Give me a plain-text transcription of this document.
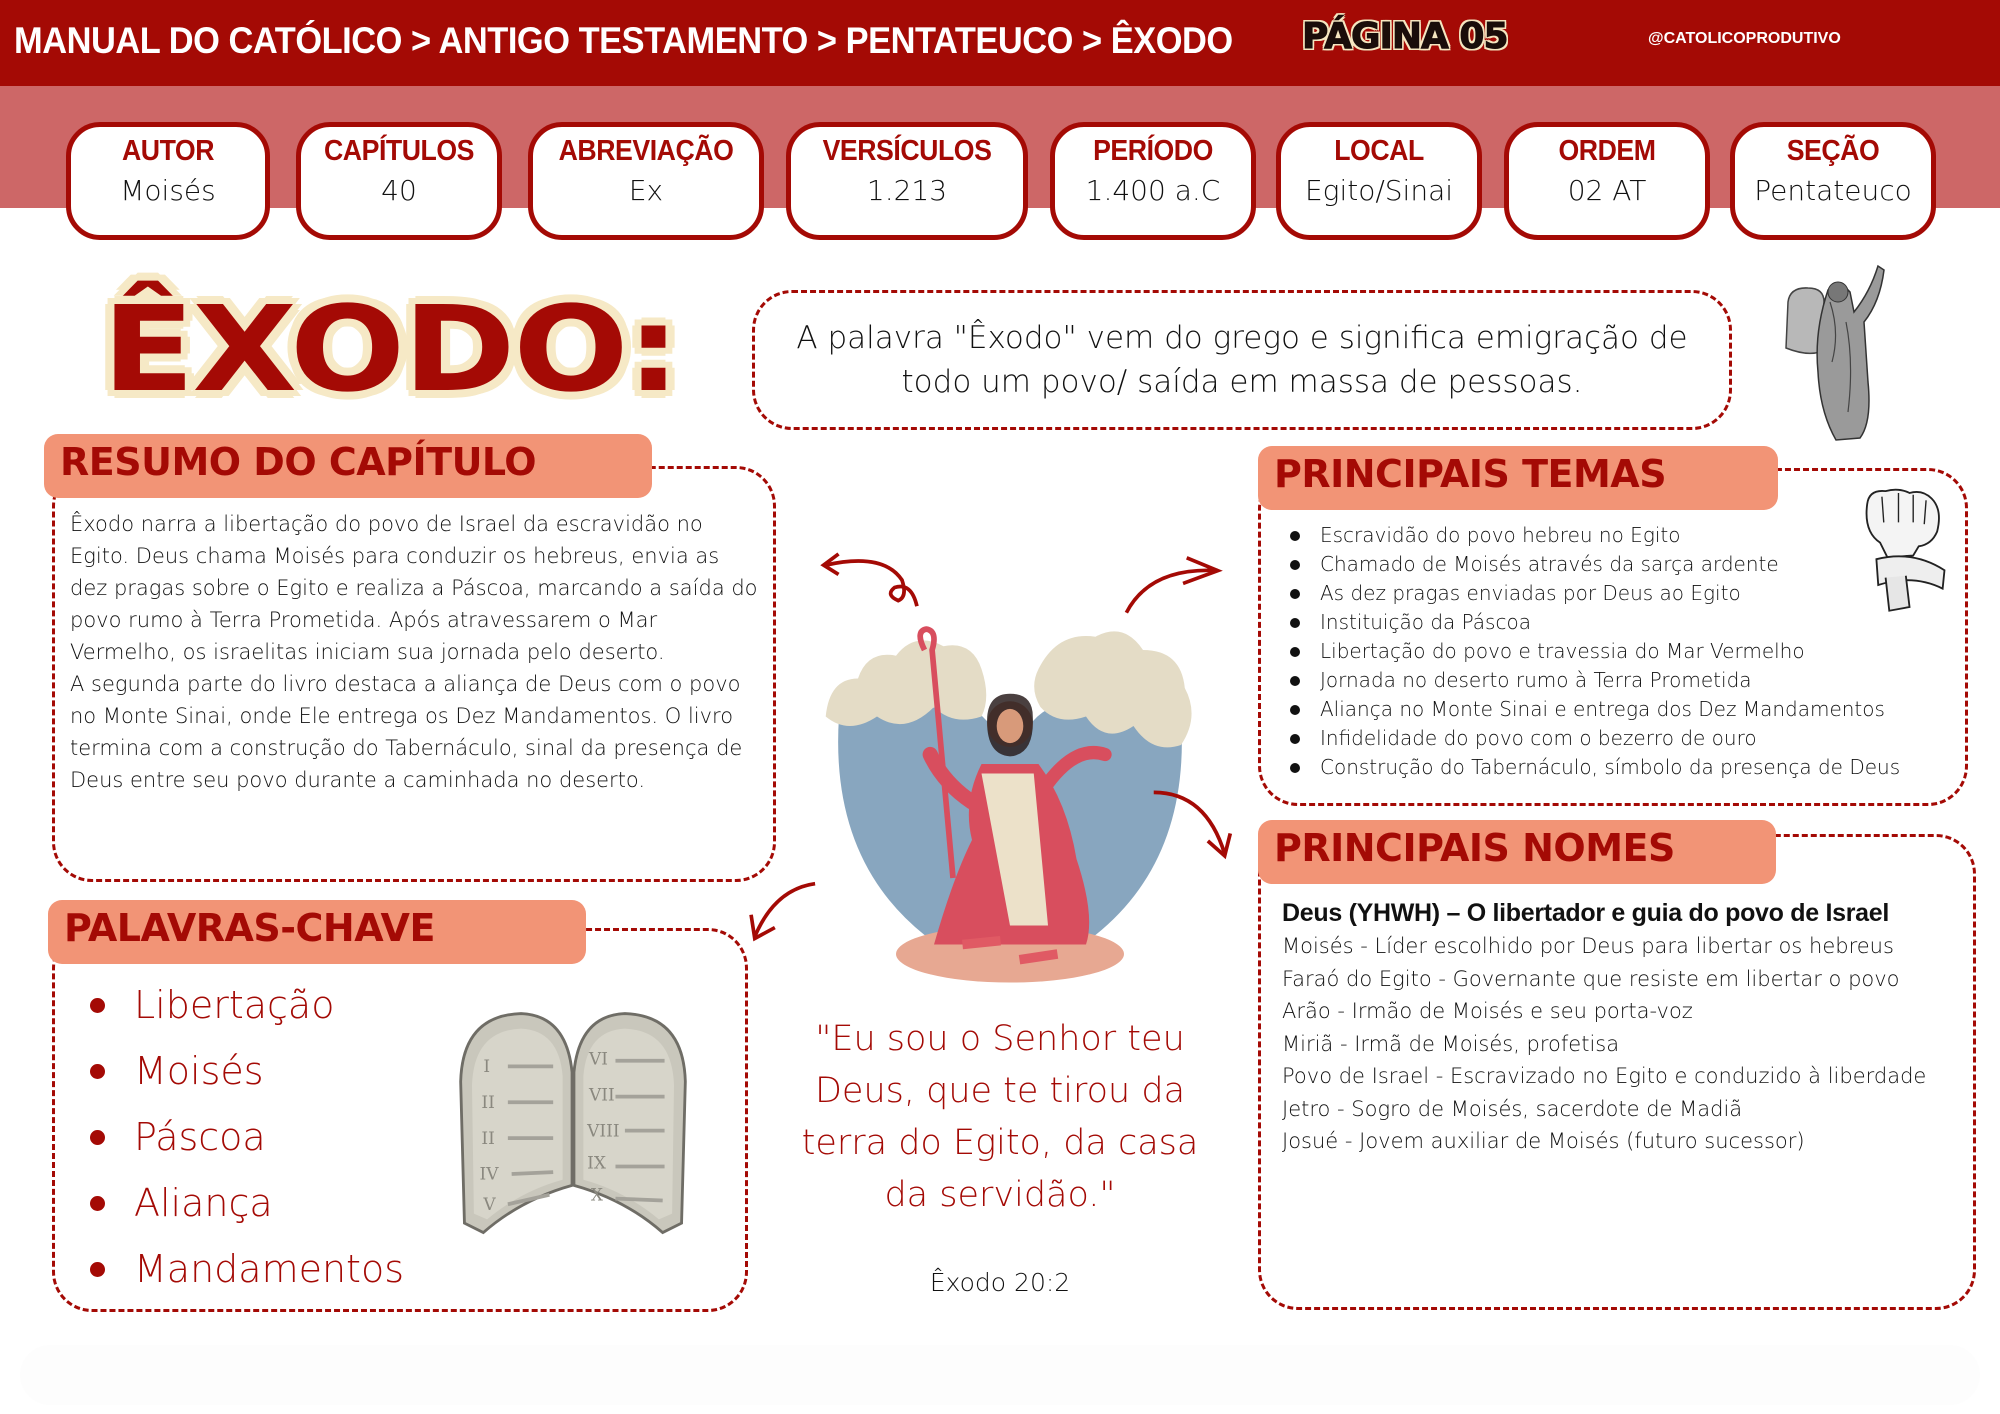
MANUAL DO CATÓLICO > ANTIGO TESTAMENTO > PENTATEUCO > ÊXODO PÁGINA 05	@CATOLICOPRODUTIVO
AUTOR
Moisés
CAPÍTULOS
40
ABREVIAÇÃO
Ex
VERSÍCULOS
1.213
PERÍODO
1.400 a.C
LOCAL
Egito/Sinai
ORDEM
02 AT
SEÇÃO
Pentateuco
ÊXODO:	A palavra "Êxodo" vem do grego e significa emigração de todo um povo/ saída em massa de pessoas.
RESUMO DO CAPÍTULO

Êxodo narra a libertação do povo de Israel da escravidão no Egito. Deus chama Moisés para conduzir os hebreus, envia as dez pragas sobre o Egito e realiza a Páscoa, marcando a saída do povo rumo à Terra Prometida. Após atravessarem o Mar Vermelho, os israelitas iniciam sua jornada pelo deserto.

A segunda parte do livro destaca a aliança de Deus com o povo no Monte Sinai, onde Ele entrega os Dez Mandamentos. O livro termina com a construção do Tabernáculo, sinal da presença de Deus entre seu povo durante a caminhada no deserto.

PRINCIPAIS TEMAS
Escravidão do povo hebreu no Egito
Chamado de Moisés através da sarça ardente
As dez pragas enviadas por Deus ao Egito
Instituição da Páscoa
Libertação do povo e travessia do Mar Vermelho
Jornada no deserto rumo à Terra Prometida
Aliança no Monte Sinai e entrega dos Dez Mandamentos
Infidelidade do povo com o bezerro de ouro
Construção do Tabernáculo, símbolo da presença de Deus
PRINCIPAIS NOMES
Deus (YHWH) – O libertador e guia do povo de Israel
Moisés - Líder escolhido por Deus para libertar os hebreus
Faraó do Egito - Governante que resiste em libertar o povo
Arão - Irmão de Moisés e seu porta-voz
Miriã - Irmã de Moisés, profetisa
Povo de Israel - Escravizado no Egito e conduzido à liberdade
Jetro - Sogro de Moisés, sacerdote de Madiã
Josué - Jovem auxiliar de Moisés (futuro sucessor)
PALAVRAS-CHAVE
Libertação
Moisés
Páscoa
Aliança
Mandamentos
I
II
II
IV
V
VI
VII
VIII
IX
X
"Eu sou o Senhor teu Deus, que te tirou da terra do Egito, da casa da servidão."
Êxodo 20:2
